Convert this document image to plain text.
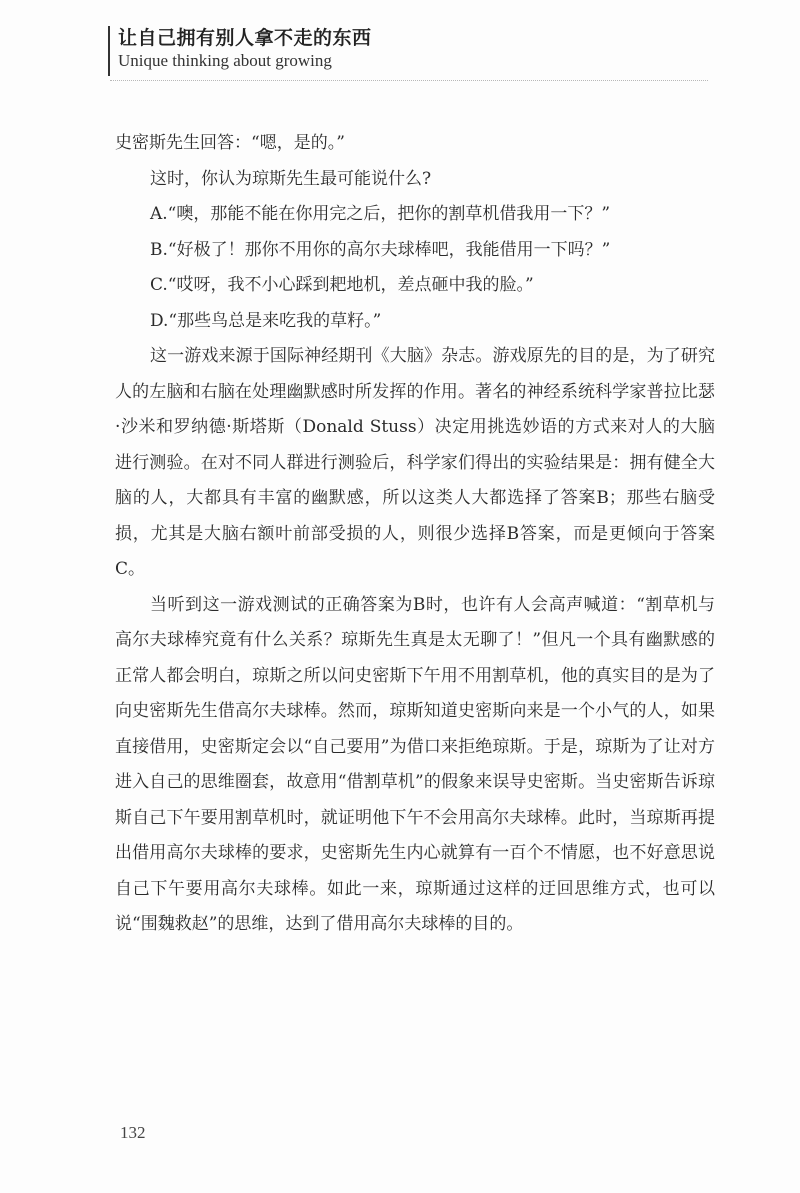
让自己拥有别人拿不走的东西
Unique thinking about growing

史密斯先生回答：“嗯，是的。”

这时，你认为琼斯先生最可能说什么?

A.“噢，那能不能在你用完之后，把你的割草机借我用一下？”

B.“好极了！那你不用你的高尔夫球棒吧，我能借用一下吗？”

C.“哎呀，我不小心踩到耙地机，差点砸中我的脸。”

D.“那些鸟总是来吃我的草籽。”

这一游戏来源于国际神经期刊《大脑》杂志。游戏原先的目的是，为了研究人的左脑和右脑在处理幽默感时所发挥的作用。著名的神经系统科学家普拉比瑟·沙米和罗纳德·斯塔斯（Donald Stuss）决定用挑选妙语的方式来对人的大脑进行测验。在对不同人群进行测验后，科学家们得出的实验结果是：拥有健全大脑的人，大都具有丰富的幽默感，所以这类人大都选择了答案B；那些右脑受损，尤其是大脑右额叶前部受损的人，则很少选择B答案，而是更倾向于答案C。

当听到这一游戏测试的正确答案为B时，也许有人会高声喊道：“割草机与高尔夫球棒究竟有什么关系？琼斯先生真是太无聊了！”但凡一个具有幽默感的正常人都会明白，琼斯之所以问史密斯下午用不用割草机，他的真实目的是为了向史密斯先生借高尔夫球棒。然而，琼斯知道史密斯向来是一个小气的人，如果直接借用，史密斯定会以“自己要用”为借口来拒绝琼斯。于是，琼斯为了让对方进入自己的思维圈套，故意用“借割草机”的假象来误导史密斯。当史密斯告诉琼斯自己下午要用割草机时，就证明他下午不会用高尔夫球棒。此时，当琼斯再提出借用高尔夫球棒的要求，史密斯先生内心就算有一百个不情愿，也不好意思说自己下午要用高尔夫球棒。如此一来，琼斯通过这样的迂回思维方式，也可以说“围魏救赵”的思维，达到了借用高尔夫球棒的目的。

132
